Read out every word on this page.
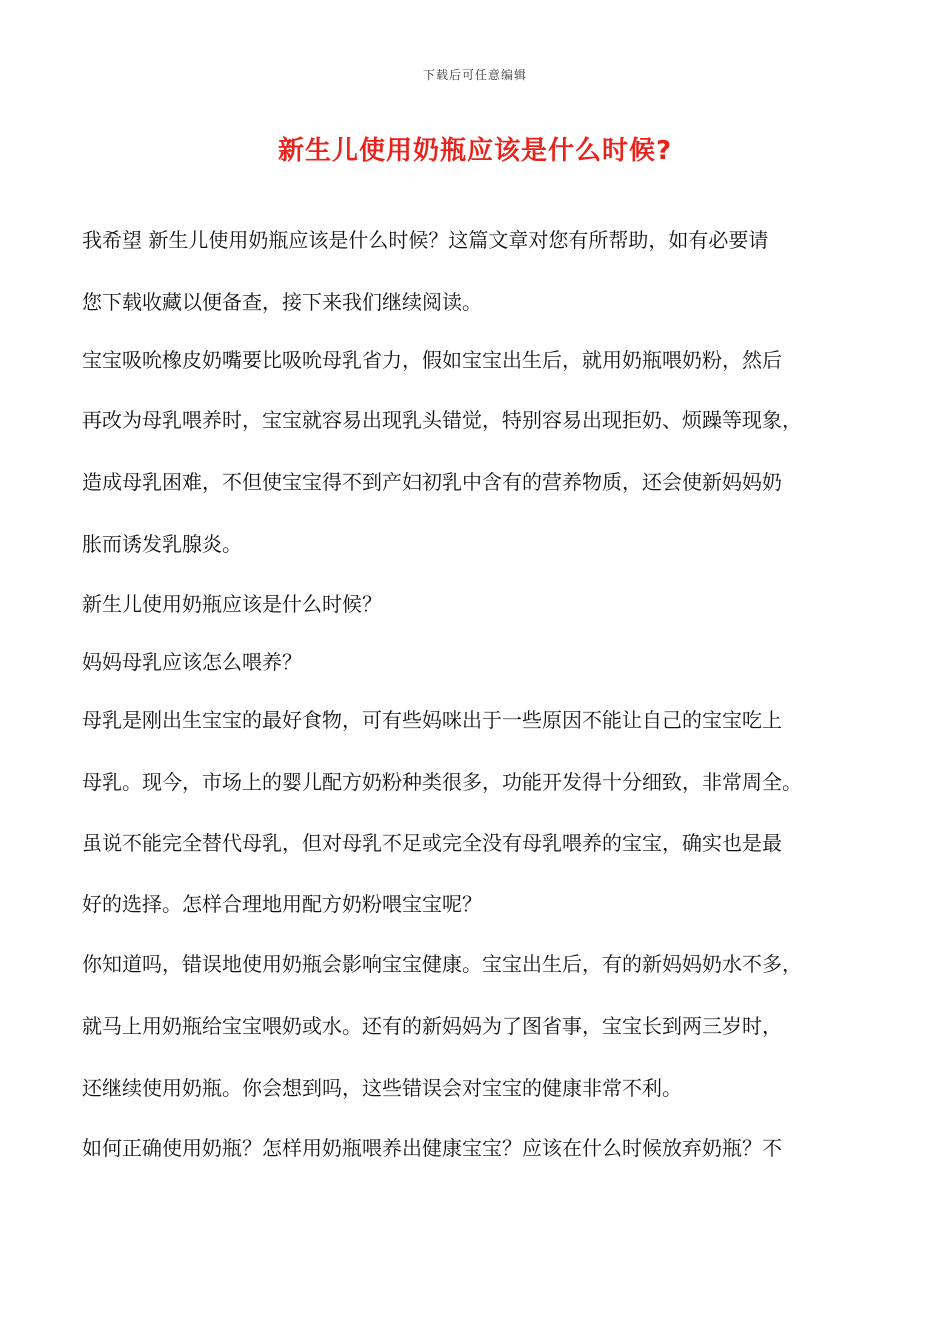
下载后可任意编辑
新生儿使用奶瓶应该是什么时候?

我希望 新生儿使用奶瓶应该是什么时候？这篇文章对您有所帮助，如有必要请

您下载收藏以便备查，接下来我们继续阅读。

宝宝吸吮橡皮奶嘴要比吸吮母乳省力，假如宝宝出生后，就用奶瓶喂奶粉，然后

再改为母乳喂养时，宝宝就容易出现乳头错觉，特别容易出现拒奶、烦躁等现象，

造成母乳困难，不但使宝宝得不到产妇初乳中含有的营养物质，还会使新妈妈奶

胀而诱发乳腺炎。

新生儿使用奶瓶应该是什么时候？

妈妈母乳应该怎么喂养？

母乳是刚出生宝宝的最好食物，可有些妈咪出于一些原因不能让自己的宝宝吃上

母乳。现今，市场上的婴儿配方奶粉种类很多，功能开发得十分细致，非常周全。

虽说不能完全替代母乳，但对母乳不足或完全没有母乳喂养的宝宝，确实也是最

好的选择。怎样合理地用配方奶粉喂宝宝呢？

你知道吗，错误地使用奶瓶会影响宝宝健康。宝宝出生后，有的新妈妈奶水不多，

就马上用奶瓶给宝宝喂奶或水。还有的新妈妈为了图省事，宝宝长到两三岁时，

还继续使用奶瓶。你会想到吗，这些错误会对宝宝的健康非常不利。

如何正确使用奶瓶？怎样用奶瓶喂养出健康宝宝？应该在什么时候放弃奶瓶？不
